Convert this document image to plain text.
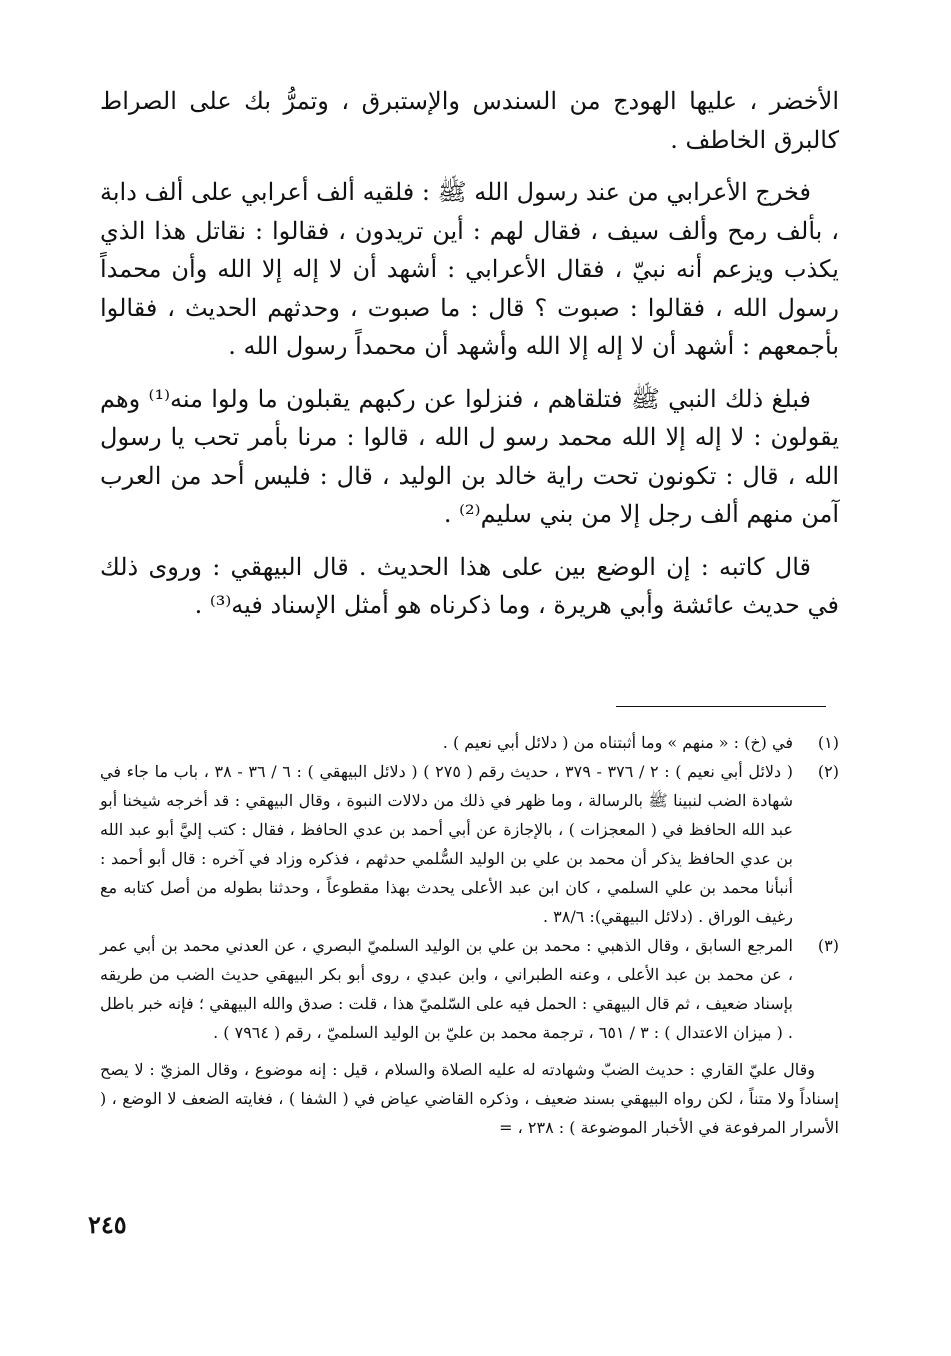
الأخضر ، عليها الهودج من السندس والإستبرق ، وتمرُّ بك على الصراط كالبرق الخاطف .

فخرج الأعرابي من عند رسول الله ﷺ : فلقيه ألف أعرابي على ألف دابة ، بألف رمح وألف سيف ، فقال لهم : أين تريدون ، فقالوا : نقاتل هذا الذي يكذب ويزعم أنه نبيّ ، فقال الأعرابي : أشهد أن لا إله إلا الله وأن محمداً رسول الله ، فقالوا : صبوت ؟ قال : ما صبوت ، وحدثهم الحديث ، فقالوا بأجمعهم : أشهد أن لا إله إلا الله وأشهد أن محمداً رسول الله .

فبلغ ذلك النبي ﷺ فتلقاهم ، فنزلوا عن ركبهم يقبلون ما ولوا منه⁽¹⁾ وهم يقولون : لا إله إلا الله محمد رسو ل الله ، قالوا : مرنا بأمر تحب يا رسول الله ، قال : تكونون تحت راية خالد بن الوليد ، قال : فليس أحد من العرب آمن منهم ألف رجل إلا من بني سليم⁽²⁾ .

قال كاتبه : إن الوضع بين على هذا الحديث . قال البيهقي : وروى ذلك في حديث عائشة وأبي هريرة ، وما ذكرناه هو أمثل الإسناد فيه⁽³⁾ .

(١)
في (خ) : « منهم » وما أثبتناه من ( دلائل أبي نعيم ) .
(٢)
( دلائل أبي نعيم ) : ٢ / ٣٧٦ - ٣٧٩ ، حديث رقم ( ٢٧٥ ) ( دلائل البيهقي ) : ٦ / ٣٦ - ٣٨ ، باب ما جاء في شهادة الضب لنبينا ﷺ بالرسالة ، وما ظهر في ذلك من دلالات النبوة ، وقال البيهقي : قد أخرجه شيخنا أبو عبد الله الحافظ في ( المعجزات ) ، بالإجازة عن أبي أحمد بن عدي الحافظ ، فقال : كتب إليَّ أبو عبد الله بن عدي الحافظ يذكر أن محمد بن علي بن الوليد السُّلمي حدثهم ، فذكره وزاد في آخره : قال أبو أحمد : أنبأنا محمد بن علي السلمي ، كان ابن عبد الأعلى يحدث بهذا مقطوعاً ، وحدثنا بطوله من أصل كتابه مع رغيف الوراق . (دلائل البيهقي): ٣٨/٦ .
(٣)
المرجع السابق ، وقال الذهبي : محمد بن علي بن الوليد السلميّ البصري ، عن العدني محمد بن أبي عمر ، عن محمد بن عبد الأعلى ، وعنه الطبراني ، وابن عبدي ، روى أبو بكر البيهقي حديث الضب من طريقه بإسناد ضعيف ، ثم قال البيهقي : الحمل فيه على السّلميّ هذا ، قلت : صدق والله البيهقي ؛ فإنه خبر باطل . ( ميزان الاعتدال ) : ٣ / ٦٥١ ، ترجمة محمد بن عليّ بن الوليد السلميّ ، رقم ( ٧٩٦٤ ) .
وقال عليّ القاري : حديث الضبّ وشهادته له عليه الصلاة والسلام ، قيل : إنه موضوع ، وقال المزيّ : لا يصح إسناداً ولا متناً ، لكن رواه البيهقي بسند ضعيف ، وذكره القاضي عياض في ( الشفا ) ، فغايته الضعف لا الوضع ، ( الأسرار المرفوعة في الأخبار الموضوعة ) : ٢٣٨ ، =
٢٤٥
